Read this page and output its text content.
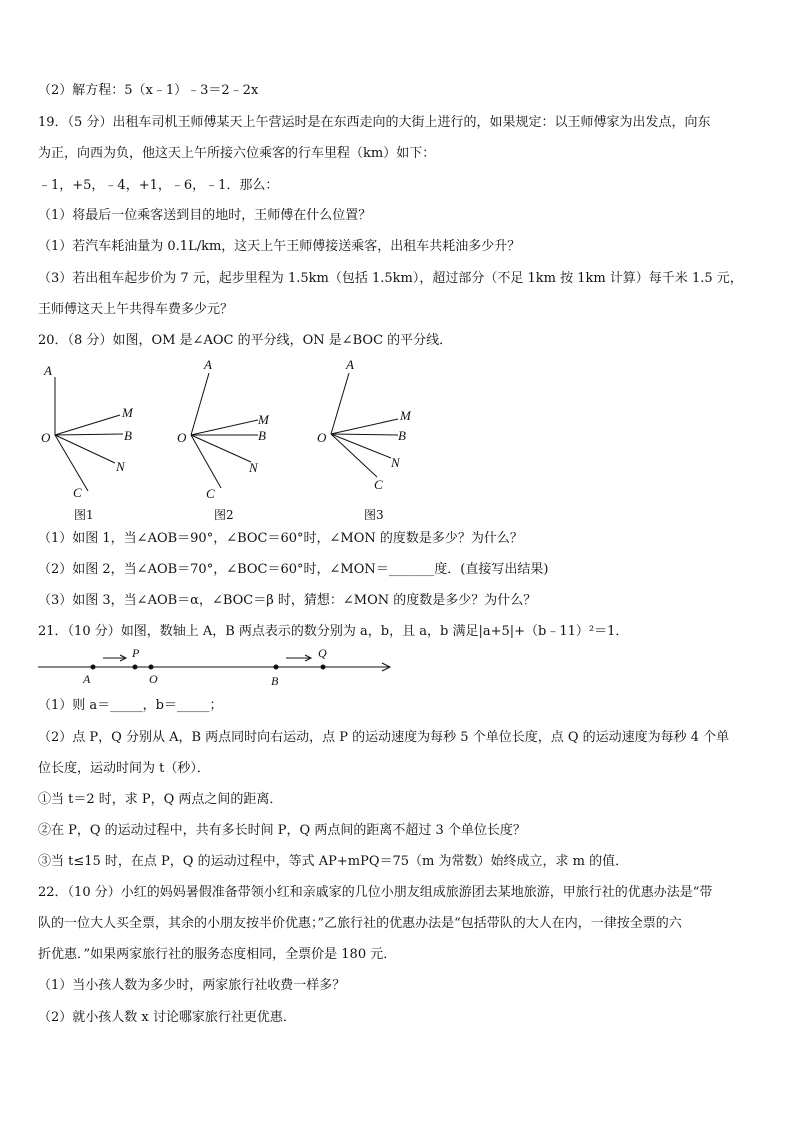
（2）解方程：5（x﹣1）﹣3＝2﹣2x
19．（5 分）出租车司机王师傅某天上午营运时是在东西走向的大街上进行的，如果规定：以王师傅家为出发点，向东
为正，向西为负，他这天上午所接六位乘客的行车里程（km）如下：
﹣1，+5，﹣4，+1，﹣6，﹣1．那么：
（1）将最后一位乘客送到目的地时，王师傅在什么位置？
（1）若汽车耗油量为 0.1L/km，这天上午王师傅接送乘客，出租车共耗油多少升？
（3）若出租车起步价为 7 元，起步里程为 1.5km（包括 1.5km），超过部分（不足 1km 按 1km 计算）每千米 1.5 元，
王师傅这天上午共得车费多少元？
20．（8 分）如图，OM 是∠AOC 的平分线，ON 是∠BOC 的平分线．
A
M
B
O
N
C
图1
A
M
B
O
N
C
图2
A
M
B
O
N
C
图3
（1）如图 1，当∠AOB＝90°，∠BOC＝60°时，∠MON 的度数是多少？为什么？
（2）如图 2，当∠AOB＝70°，∠BOC＝60°时，∠MON＝_______度．(直接写出结果)
（3）如图 3，当∠AOB＝α，∠BOC＝β 时，猜想：∠MON 的度数是多少？为什么？
21．（10 分）如图，数轴上 A，B 两点表示的数分别为 a，b，且 a，b 满足|a+5|+（b﹣11）²＝1．
A
P
O	B
Q
（1）则 a＝_____，b＝_____；
（2）点 P，Q 分别从 A，B 两点同时向右运动，点 P 的运动速度为每秒 5 个单位长度，点 Q 的运动速度为每秒 4 个单
位长度，运动时间为 t（秒）．
①当 t＝2 时，求 P，Q 两点之间的距离．
②在 P，Q 的运动过程中，共有多长时间 P，Q 两点间的距离不超过 3 个单位长度？
③当 t≤15 时，在点 P，Q 的运动过程中，等式 AP+mPQ＝75（m 为常数）始终成立，求 m 的值．
22．（10 分）小红的妈妈暑假准备带领小红和亲戚家的几位小朋友组成旅游团去某地旅游，甲旅行社的优惠办法是“带
队的一位大人买全票，其余的小朋友按半价优惠；”乙旅行社的优惠办法是“包括带队的大人在内，一律按全票的六
折优惠．”如果两家旅行社的服务态度相同，全票价是 180 元．
（1）当小孩人数为多少时，两家旅行社收费一样多？
（2）就小孩人数 x 讨论哪家旅行社更优惠．
